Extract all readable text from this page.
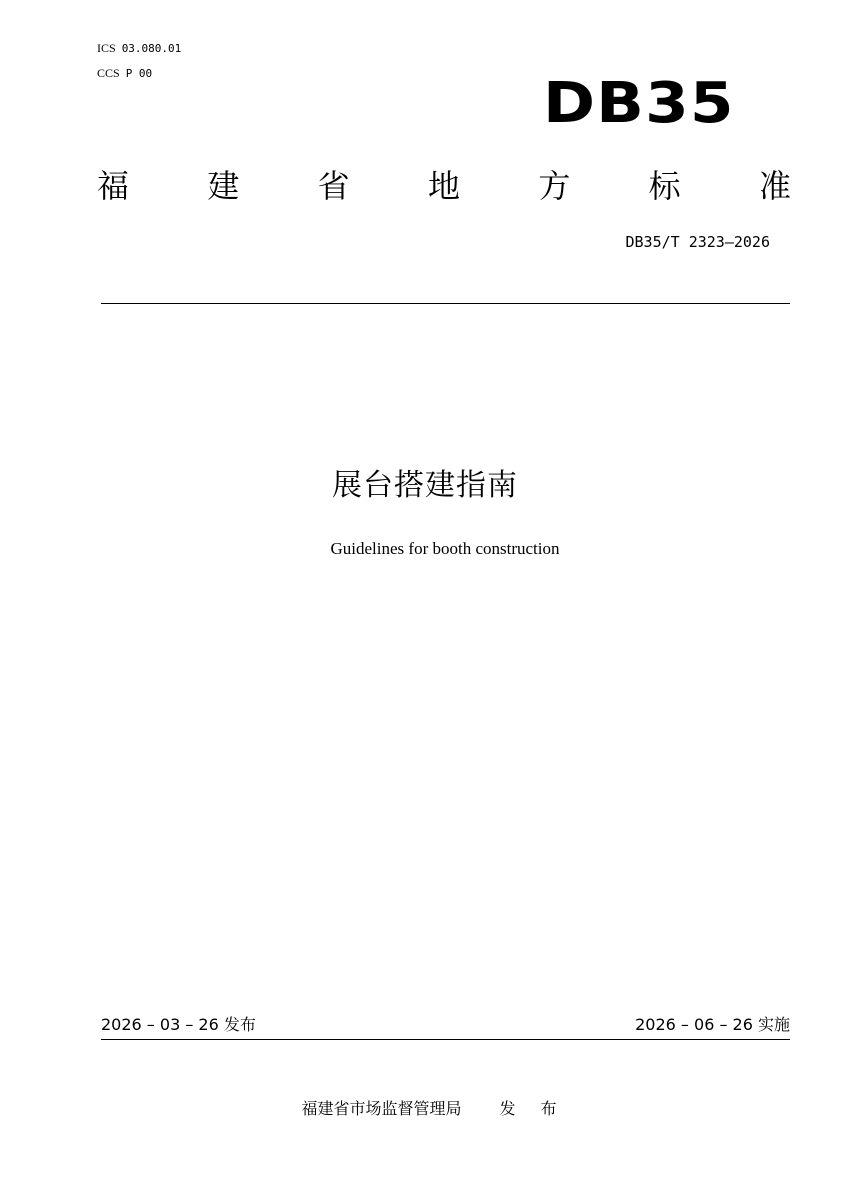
ICS 03.080.01
CCS P 00	DB35
福 建 省 地 方 标 准
DB35/T 2323—2026
展台搭建指南
Guidelines for booth construction
2026 – 03 – 26 发布	2026 – 06 – 26 实施
福建省市场监督管理局 发 布
